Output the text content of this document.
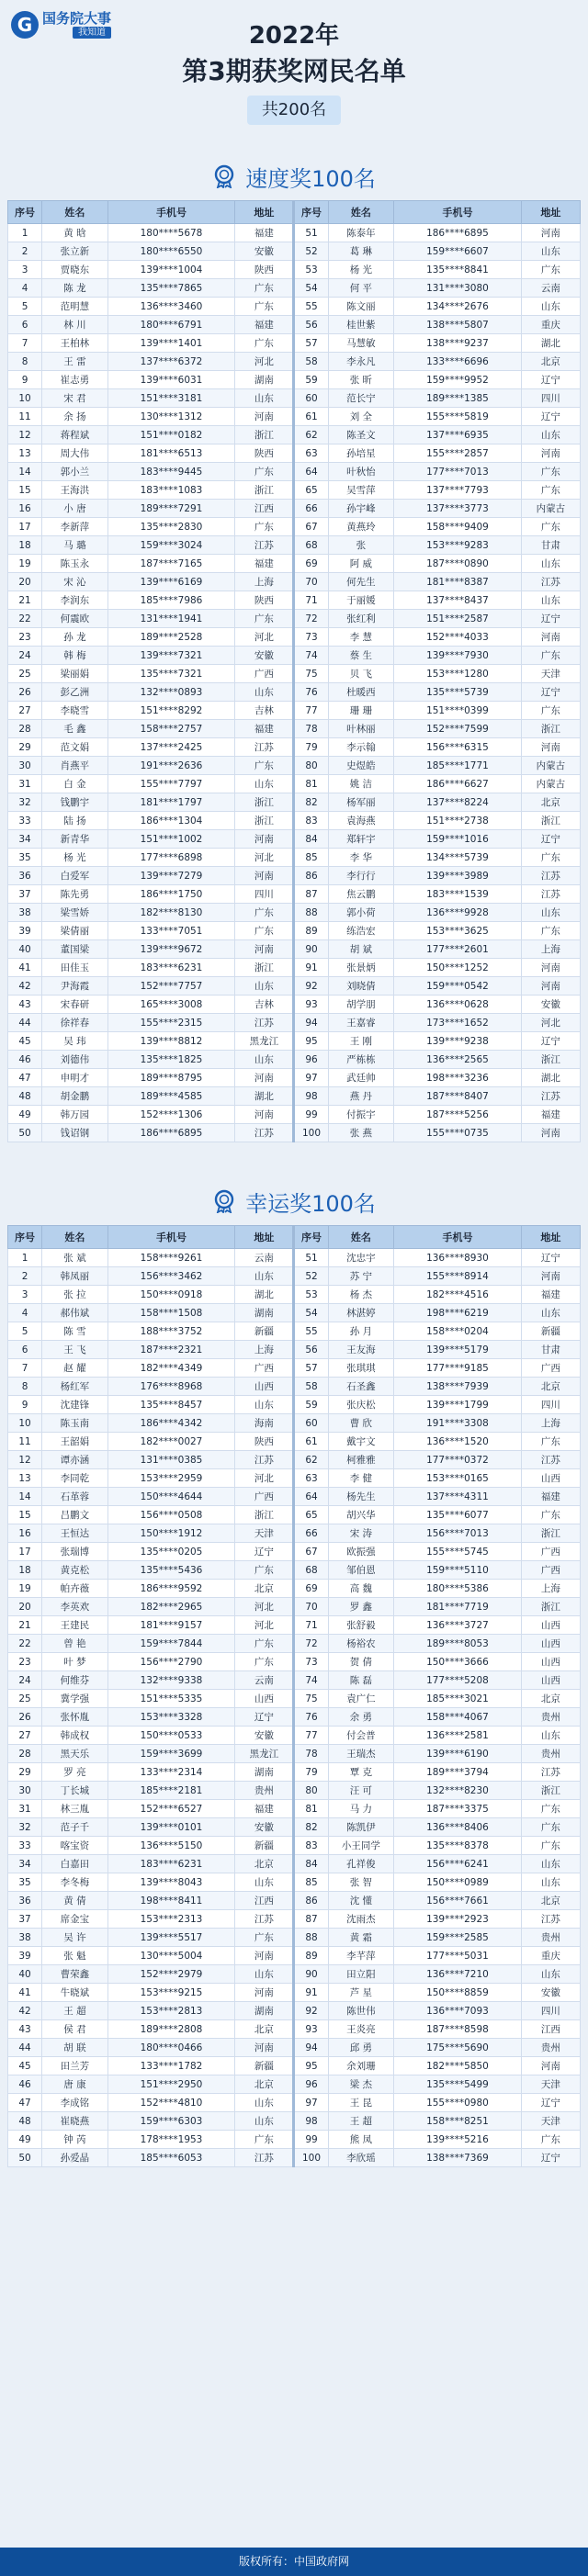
G 国务院大事
我知道	2022年
第3期获奖网民名单
共200名
速度奖100名
序号	姓名	手机号	地址	序号	姓名	手机号	地址
1	黄 晗	180****5678	福建	51	陈泰年	186****6895	河南
2	张立新	180****6550	安徽	52	葛 琳	159****6607	山东
3	贾晓东	139****1004	陕西	53	杨 光	135****8841	广东
4	陈 龙	135****7865	广东	54	何 平	131****3080	云南
5	范明慧	136****3460	广东	55	陈文丽	134****2676	山东
6	林 川	180****6791	福建	56	桂世紫	138****5807	重庆
7	王柏林	139****1401	广东	57	马慧敏	138****9237	湖北
8	王 雷	137****6372	河北	58	李永凡	133****6696	北京
9	崔志勇	139****6031	湖南	59	张 昕	159****9952	辽宁
10	宋 君	151****3181	山东	60	范长宁	189****1385	四川
11	余 扬	130****1312	河南	61	刘 全	155****5819	辽宁
12	蒋程斌	151****0182	浙江	62	陈圣文	137****6935	山东
13	周大伟	181****6513	陕西	63	孙培星	155****2857	河南
14	郭小兰	183****9445	广东	64	叶秋怡	177****7013	广东
15	王海洪	183****1083	浙江	65	吴雪萍	137****7793	广东
16	小 唐	189****7291	江西	66	孙宇峰	137****3773	内蒙古
17	李新萍	135****2830	广东	67	黄燕玲	158****9409	广东
18	马 璐	159****3024	江苏	68	张	153****9283	甘肃
19	陈玉永	187****7165	福建	69	阿 威	187****0890	山东
20	宋 沁	139****6169	上海	70	何先生	181****8387	江苏
21	李润东	185****7986	陕西	71	于丽媛	137****8437	山东
22	何震欧	131****1941	广东	72	张红利	151****2587	辽宁
23	孙 龙	189****2528	河北	73	李 慧	152****4033	河南
24	韩 梅	139****7321	安徽	74	蔡 生	139****7930	广东
25	梁丽娟	135****7321	广西	75	贝 飞	153****1280	天津
26	彭乙洲	132****0893	山东	76	杜暖西	135****5739	辽宁
27	李晓雪	151****8292	吉林	77	珊 珊	151****0399	广东
28	毛 鑫	158****2757	福建	78	叶林丽	152****7599	浙江
29	范文娟	137****2425	江苏	79	李示翰	156****6315	河南
30	肖燕平	191****2636	广东	80	史煜皓	185****1771	内蒙古
31	白 金	155****7797	山东	81	姚 洁	186****6627	内蒙古
32	钱鹏宇	181****1797	浙江	82	杨军丽	137****8224	北京
33	陆 扬	186****1304	浙江	83	袁海燕	151****2738	浙江
34	新青华	151****1002	河南	84	郑轩宇	159****1016	辽宁
35	杨 光	177****6898	河北	85	李 华	134****5739	广东
36	白爱军	139****7279	河南	86	李行行	139****3989	江苏
37	陈先勇	186****1750	四川	87	焦云鹏	183****1539	江苏
38	梁雪娇	182****8130	广东	88	郭小荷	136****9928	山东
39	梁倩丽	133****7051	广东	89	练浩宏	153****3625	广东
40	董国梁	139****9672	河南	90	胡 斌	177****2601	上海
41	田佳玉	183****6231	浙江	91	张景炳	150****1252	河南
42	尹海霞	152****7757	山东	92	刘晓倩	159****0542	河南
43	宋春研	165****3008	吉林	93	胡学朋	136****0628	安徽
44	徐祥春	155****2315	江苏	94	王嘉睿	173****1652	河北
45	吴 玮	139****8812	黑龙江	95	王 刚	139****9238	辽宁
46	刘德伟	135****1825	山东	96	严栋栋	136****2565	浙江
47	申明才	189****8795	河南	97	武廷帅	198****3236	湖北
48	胡金鹏	189****4585	湖北	98	燕 丹	187****8407	江苏
49	韩万园	152****1306	河南	99	付振宇	187****5256	福建
50	钱诏钢	186****6895	江苏	100	张 燕	155****0735	河南
幸运奖100名
序号	姓名	手机号	地址	序号	姓名	手机号	地址
1	张 斌	158****9261	云南	51	沈忠宇	136****8930	辽宁
2	韩凤丽	156****3462	山东	52	苏 宁	155****8914	河南
3	张 拉	150****0918	湖北	53	杨 杰	182****4516	福建
4	郝伟斌	158****1508	湖南	54	林湛婷	198****6219	山东
5	陈 雪	188****3752	新疆	55	孙 月	158****0204	新疆
6	王 飞	187****2321	上海	56	王友海	139****5179	甘肃
7	赵 耀	182****4349	广西	57	张琪琪	177****9185	广西
8	杨红军	176****8968	山西	58	石圣鑫	138****7939	北京
9	沈建锋	135****8457	山东	59	张庆松	139****1799	四川
10	陈玉南	186****4342	海南	60	曹 欣	191****3308	上海
11	王韶娟	182****0027	陕西	61	戴宇文	136****1520	广东
12	谭亦涵	131****0385	江苏	62	柯雅雅	177****0372	江苏
13	李同乾	153****2959	河北	63	李 健	153****0165	山西
14	石革蓉	150****4644	广西	64	杨先生	137****4311	福建
15	吕鹏文	156****0508	浙江	65	胡兴华	135****6077	广东
16	王恒达	150****1912	天津	66	宋 涛	156****7013	浙江
17	张瑞博	135****0205	辽宁	67	欧振强	155****5745	广西
18	黄克松	135****5436	广东	68	邹伯恩	159****5110	广西
19	帕卉薇	186****9592	北京	69	高 魏	180****5386	上海
20	李英欢	182****2965	河北	70	罗 鑫	181****7719	浙江
21	王建民	181****9157	河北	71	张舒毅	136****3727	山西
22	曾 艳	159****7844	广东	72	杨裕农	189****8053	山西
23	叶 梦	156****2790	广东	73	贺 倩	150****3666	山西
24	何维芬	132****9338	云南	74	陈 磊	177****5208	山西
25	冀学强	151****5335	山西	75	袁广仁	185****3021	北京
26	张怀胤	153****3328	辽宁	76	余 勇	158****4067	贵州
27	韩成权	150****0533	安徽	77	付会普	136****2581	山东
28	黑天乐	159****3699	黑龙江	78	王瑞杰	139****6190	贵州
29	罗 亮	133****2314	湖南	79	覃 克	189****3794	江苏
30	丁长城	185****2181	贵州	80	汪 可	132****8230	浙江
31	林三胤	152****6527	福建	81	马 力	187****3375	广东
32	范子千	139****0101	安徽	82	陈凯伊	136****8406	广东
33	喀宝资	136****5150	新疆	83	小王同学	135****8378	广东
34	白嘉田	183****6231	北京	84	孔祥俊	156****6241	山东
35	李冬梅	139****8043	山东	85	张 智	150****0989	山东
36	黄 倩	198****8411	江西	86	沈 懂	156****7661	北京
37	席金宝	153****2313	江苏	87	沈雨杰	139****2923	江苏
38	吴 许	139****5517	广东	88	黄 霜	159****2585	贵州
39	张 魁	130****5004	河南	89	李芊萍	177****5031	重庆
40	曹荣鑫	152****2979	山东	90	田立阳	136****7210	山东
41	牛晓斌	153****9215	河南	91	芦 星	150****8859	安徽
42	王 超	153****2813	湖南	92	陈世伟	136****7093	四川
43	侯 君	189****2808	北京	93	王炎亮	187****8598	江西
44	胡 联	180****0466	河南	94	邱 勇	175****5690	贵州
45	田兰芳	133****1782	新疆	95	余刘珊	182****5850	河南
46	唐 康	151****2950	北京	96	梁 杰	135****5499	天津
47	李成铭	152****4810	山东	97	王 昆	155****0980	辽宁
48	崔晓燕	159****6303	山东	98	王 超	158****8251	天津
49	钟 芮	178****1953	广东	99	熊 凤	139****5216	广东
50	孙爱晶	185****6053	江苏	100	李欣瑶	138****7369	辽宁
版权所有：中国政府网
